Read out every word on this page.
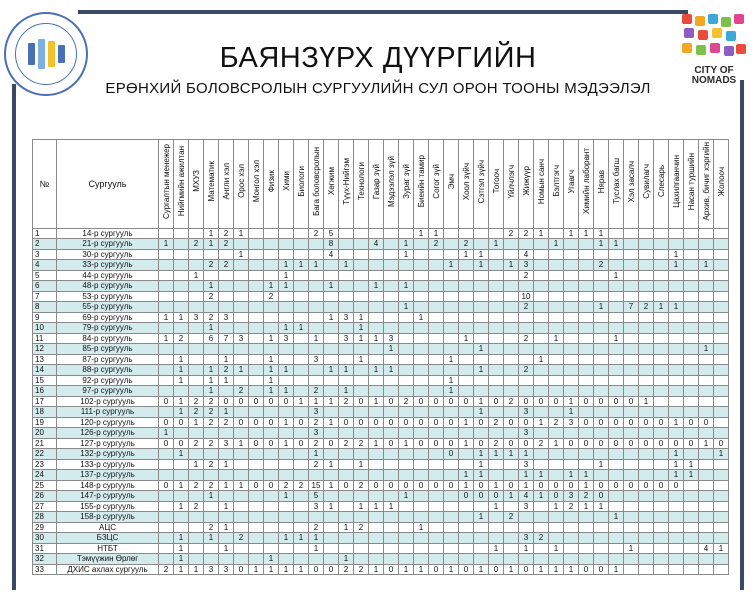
CITY OF
NOMADS
БАЯНЗҮРХ ДҮҮРГИЙН
ЕРӨНХИЙ БОЛОВСРОЛЫН СУРГУУЛИЙН СУЛ ОРОН ТООНЫ МЭДЭЭЛЭЛ
№	Сургууль	Сургалтын менежер	Нийгмийн ажилтан	МХУЗ	Математик	Англи хэл	Орос хэл	Монгол хэл	Физик	Хими	Биологи	Бага боловсролын	Хөгжим	Түүх-Нийгэм	Технологи	Газар зүй	Мэдээлэл зүй	Зураг зүй	Биеийн тамир	Согог зүй	Эмч	Хоол зүйч	Сэтгэл зүйч	Тогооч	Үйлчлэгч	Жижүүр	Номын санч	Бэлтгэгч	Угаагч	Химийн лаборант	Нярав	Туслах багш	Хэл засалч	Сувилагч	Слесарь	Цахилгаанчин	Насан туршийн	Архив, бичиг хэргийн	Жолооч
1	14-р сургууль				1	2	1					2	5						1	1					2	2	1		1	1	1								
2	21-р сургууль	1		2	1	2							8			4		1		2		2		1				1			1	1							
3	30-р сургууль						1						4					1				1	1			4										1			
4	33-р сургууль				2	2				1	1	1		1							1		1		1	3					2					1		1	
5	44-р сургууль			1						1																2						1							
6	48-р сургууль				1				1	1			1			1		1																					
7	53-р сургууль				2				2																	10													
8	55-р сургууль																	1								2					1		7	2	1	1			
9	69-р сургууль	1	1	3	2	3							1	3	1				1																				
10	79-р сургууль				1					1	1				1																								
11	84-р сургууль	1	2		6	7	3		1	3		1		3	1	1	3					1				2		1				1							
12	85-р сургууль																1						1															1	
13	87-р сургууль		1			1			1			3			1						1						1												
14	88-р сургууль		1		1	2	1		1	1			1	1		1	1						1			2													
15	92-р сургууль		1		1	1			1												1																		
16	97-р сургууль				1		2		1	1		2		1							1																		
17	102-р сургууль	0	1	2	2	0	0	0	0	0	1	1	1	2	0	1	0	2	0	0	0	0	1	0	2	0	0	0	1	0	0	0	0	1					
18	111-р сургууль		1	2	2	1						3											1			3			1										
19	120-р сургууль	0	0	1	2	2	0	0	0	1	0	2	1	0	0	0	0	0	0	0	0	1	0	2	0	0	1	2	3	0	0	0	0	0	0	1	0	0	
20	126-р сургууль	1										3														3													
21	127-р сургууль	0	0	2	2	3	1	0	0	1	0	2	0	2	2	1	0	1	0	0	0	1	0	2	0	0	2	1	0	0	0	0	0	0	0	0	0	1	0
22	132-р сургууль		1									1									0		1	1	1	1										1			1
23	133-р сургууль			1	2	1						2	1		1								1			3					1					1	1		
24	137-р сургууль																					1	1			1	1		1	1						1	1		
25	148-р сургууль	0	1	2	2	1	1	0	0	2	2	15	1	0	2	0	0	0	0	0	0	1	0	1	0	1	0	0	0	1	0	0	0	0	0	0			
26	147-р сургууль				1					1		5						1				0	0	0	1	4	1	0	3	2	0								
27	155-р сургууль		1	2		1						3	1		1	1	1							1		3		1	2	1	1								
28	158-р сургууль																						1		2							1							
29	АЦС				2	1						2		1	2				1																				
30	БЗЦС		1		1		2			1	1	1														3	2												
31	НТБТ		1			1						1												1		1		1					1					4	1
32	Тэмүүжин Өрлөг		1						1					1																									
33	ДХИС ахлах сургууль	2	1	1	3	3	0	1	1	1	1	0	0	2	2	1	0	1	1	0	1	0	1	0	1	0	1	1	1	0	0	1							
